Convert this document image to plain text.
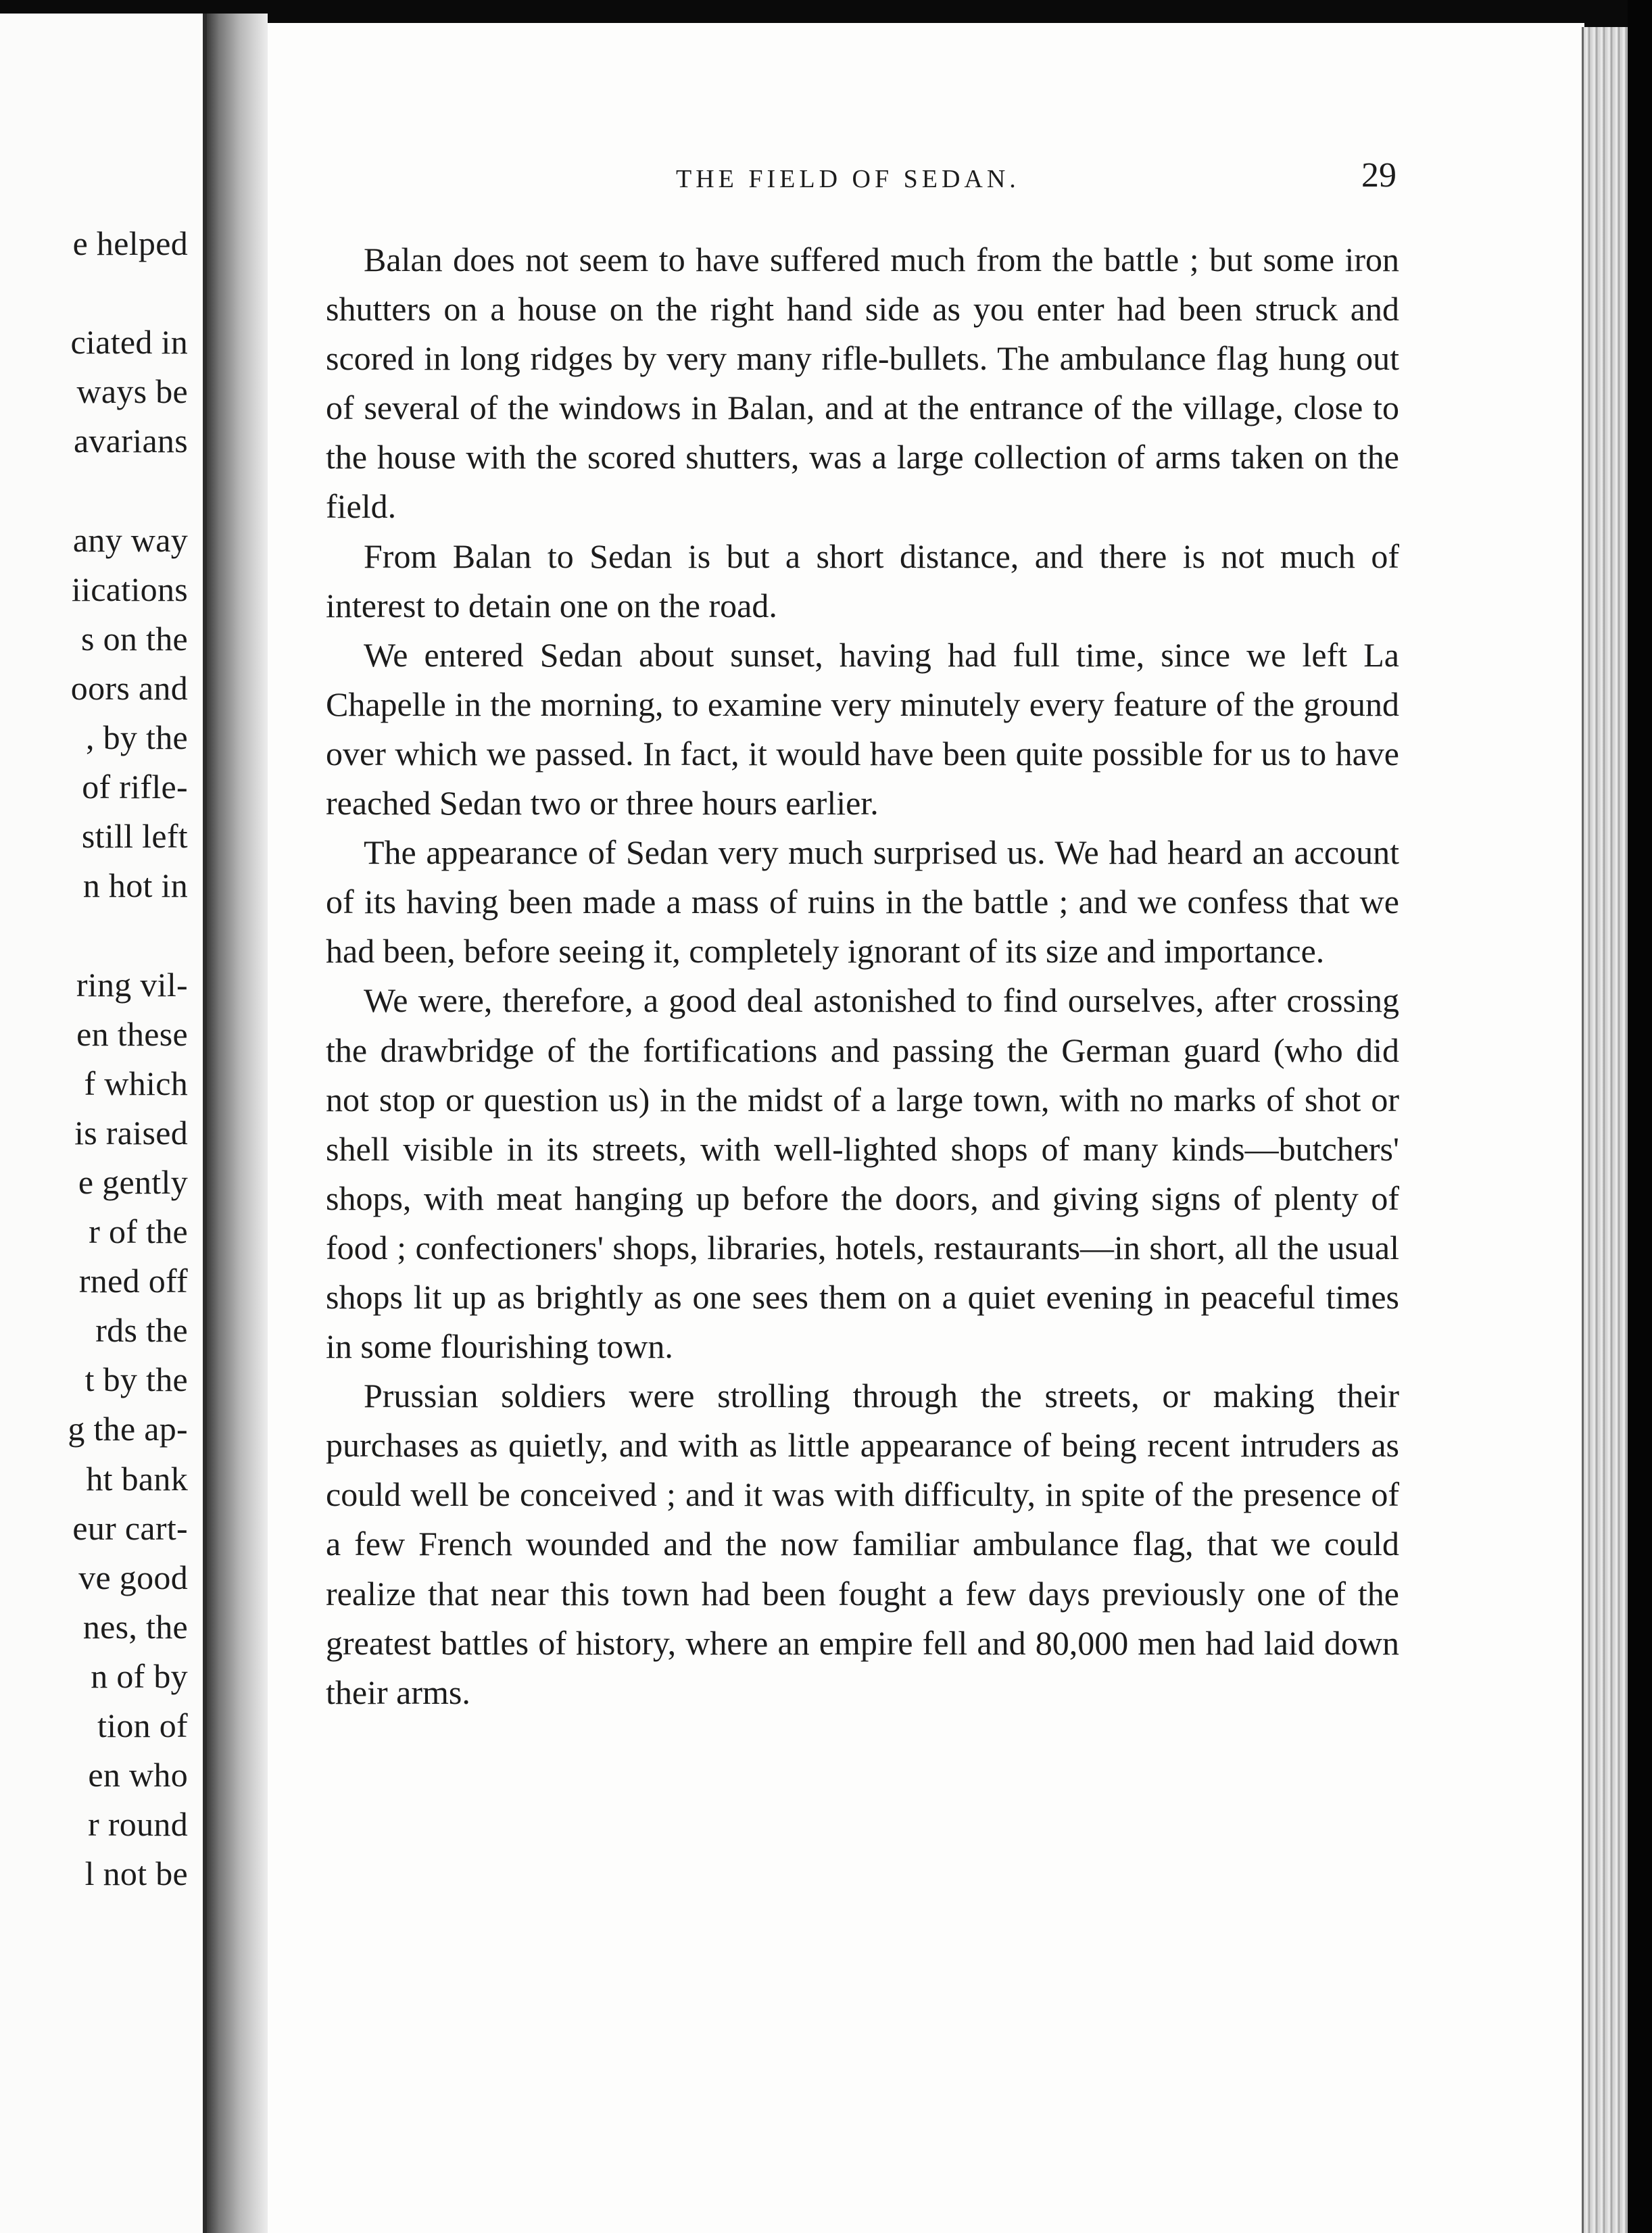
e helped
ciated in
ways be
avarians
any way
iications
s on the
oors and
, by the
of rifle-
still left
n hot in
ring vil-
en these
f which
is raised
e gently
r of the
rned off
rds the
t by the
g the ap-
ht bank
eur cart-
ve good
nes, the
n of by
tion of
en who
r round
l not be
THE FIELD OF SEDAN.	29

Balan does not seem to have suffered much from the battle ; but some iron shutters on a house on the right hand side as you enter had been struck and scored in long ridges by very many rifle-bullets. The ambulance flag hung out of several of the windows in Balan, and at the entrance of the village, close to the house with the scored shutters, was a large collection of arms taken on the field.

From Balan to Sedan is but a short distance, and there is not much of interest to detain one on the road.

We entered Sedan about sunset, having had full time, since we left La Chapelle in the morning, to examine very minutely every feature of the ground over which we passed. In fact, it would have been quite possible for us to have reached Sedan two or three hours earlier.

The appearance of Sedan very much surprised us. We had heard an account of its having been made a mass of ruins in the battle ; and we confess that we had been, before seeing it, completely ignorant of its size and importance.

We were, therefore, a good deal astonished to find ourselves, after crossing the drawbridge of the fortifications and passing the German guard (who did not stop or question us) in the midst of a large town, with no marks of shot or shell visible in its streets, with well-lighted shops of many kinds—butchers' shops, with meat hanging up before the doors, and giving signs of plenty of food ; confectioners' shops, libraries, hotels, restaurants—in short, all the usual shops lit up as brightly as one sees them on a quiet evening in peaceful times in some flourishing town.

Prussian soldiers were strolling through the streets, or making their purchases as quietly, and with as little appearance of being recent intruders as could well be conceived ; and it was with difficulty, in spite of the presence of a few French wounded and the now familiar ambulance flag, that we could realize that near this town had been fought a few days previously one of the greatest battles of history, where an empire fell and 80,000 men had laid down their arms.
